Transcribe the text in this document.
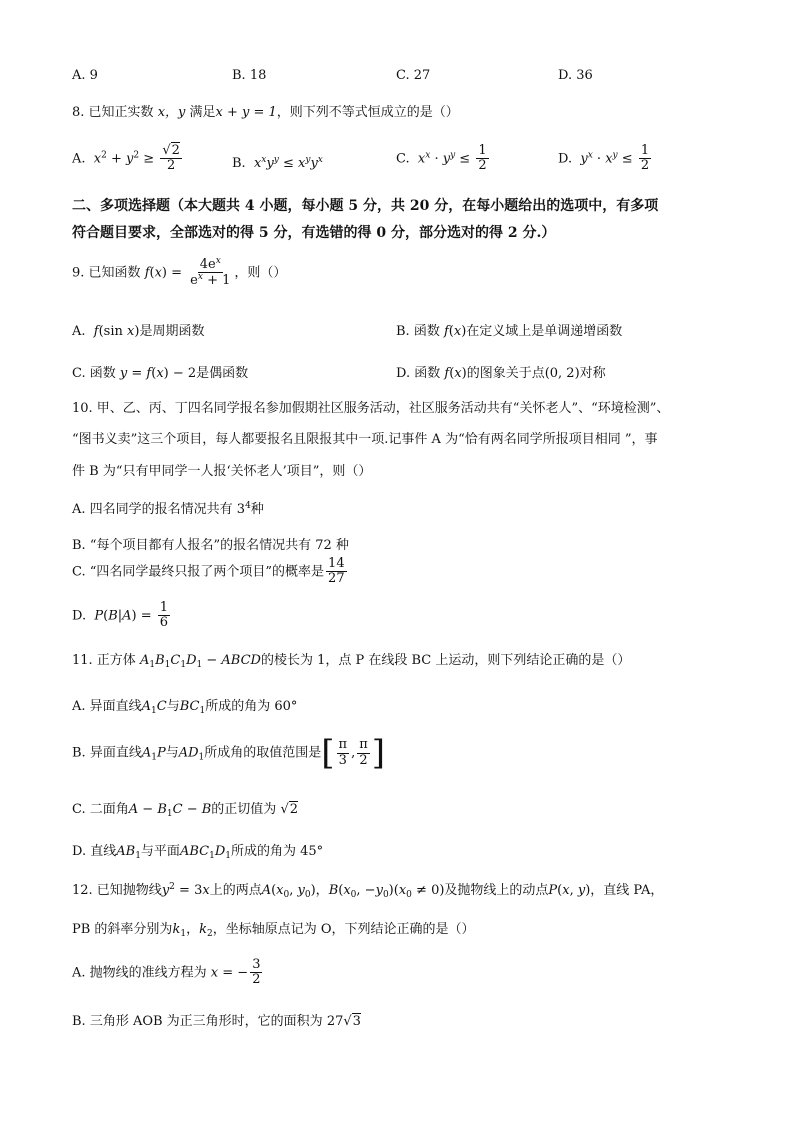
A. 9	B. 18	C. 27	D. 36
8. 已知正实数 x，y 满足x + y = 1，则下列不等式恒成立的是（）
A.  $x^2 + y^2 \ge \frac{√2}{2}$	B.  $x^xy^y \le x^yy^x$	C.  $x^x \cdot y^y \le \frac{1}{2}$	D.  $y^x \cdot x^y \le \frac{1}{2}$
二、多项选择题（本大题共 4 小题，每小题 5 分，共 20 分，在每小题给出的选项中，有多项
符合题目要求，全部选对的得 5 分，有选错的得 0 分，部分选对的得 2 分.）
9. 已知函数 $f(x) = \frac{4e^x}{e^x + 1}$ ，则（）
A.  f(sin x)是周期函数	B. 函数 f(x)在定义域上是单调递增函数
C. 函数 y = f(x) − 2是偶函数	D. 函数 f(x)的图象关于点(0, 2)对称
10. 甲、乙、丙、丁四名同学报名参加假期社区服务活动，社区服务活动共有“关怀老人”、“环境检测”、
“图书义卖”这三个项目，每人都要报名且限报其中一项.记事件 A 为“恰有两名同学所报项目相同 ”，事
件 B 为“只有甲同学一人报‘关怀老人’项目”，则（）
A. 四名同学的报名情况共有 $3^4$种
B. “每个项目都有人报名”的报名情况共有 72 种
C. “四名同学最终只报了两个项目”的概率是 $\frac{14}{27}$
D. $P(B|A) = \frac{1}{6}$
11. 正方体 $A_1B_1C_1D_1$ − ABCD的棱长为 1，点 P 在线段 BC 上运动，则下列结论正确的是（）
A. 异面直线$A_1C$与$BC_1$所成的角为 60°
B. 异面直线$A_1P$与$AD_1$所成角的取值范围是[ $\frac{\pi}{3}$ , $\frac{\pi}{2}$ ]
C. 二面角$A - B_1C - B$的正切值为 √2
D. 直线$AB_1$与平面$ABC_1D_1$所成的角为 45°
12. 已知抛物线$y^2 = 3x$上的两点$A(x_0$, $y_0$)，$B(x_0$, $-y_0)(x_0 \ne 0)$及抛物线上的动点P(x, y)，直线 PA，
PB 的斜率分别为$k_1$，$k_2$，坐标轴原点记为 O，下列结论正确的是（）
A. 抛物线的准线方程为 x = − $\frac{3}{2}$
B. 三角形 AOB 为正三角形时，它的面积为 27√3
